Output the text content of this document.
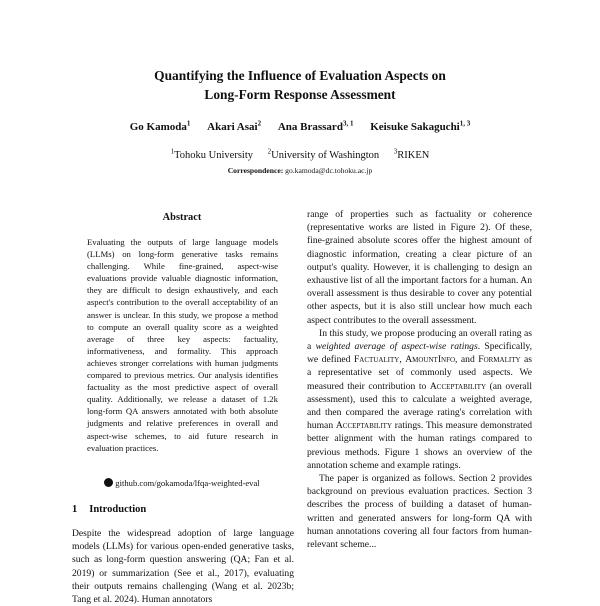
Quantifying the Influence of Evaluation Aspects on
Long-Form Response Assessment
Go Kamoda$^1$ Akari Asai$^2$ Ana Brassard$^{3, 1}$ Keisuke Sakaguchi$^{1, 3}$
$^1$Tohoku University $^2$University of Washington $^3$RIKEN
Correspondence: go.kamoda@dc.tohoku.ac.jp
Abstract
Evaluating the outputs of large language models (LLMs) on long-form generative tasks remains challenging. While fine-grained, aspect-wise evaluations provide valuable diagnostic information, they are difficult to design exhaustively, and each aspect's contribution to the overall acceptability of an answer is unclear. In this study, we propose a method to compute an overall quality score as a weighted average of three key aspects: factuality, informativeness, and formality. This approach achieves stronger correlations with human judgments compared to previous metrics. Our analysis identifies factuality as the most predictive aspect of overall quality. Additionally, we release a dataset of 1.2k long-form QA answers annotated with both absolute judgments and relative preferences in overall and aspect-wise schemes, to aid future research in evaluation practices.
github.com/gokamoda/lfqa-weighted-eval
1 Introduction
Despite the widespread adoption of large language models (LLMs) for various open-ended generative tasks, such as long-form question answering (QA; Fan et al. 2019) or summarization (See et al., 2017), evaluating their outputs remains challenging (Wang et al. 2023b; Tang et al. 2024). Human annotators

range of properties such as factuality or coherence (representative works are listed in Figure 2). Of these, fine-grained absolute scores offer the highest amount of diagnostic information, creating a clear picture of an output's quality. However, it is challenging to design an exhaustive list of all the important factors for a human. An overall assessment is thus desirable to cover any potential other aspects, but it is also still unclear how much each aspect contributes to the overall assessment.

In this study, we propose producing an overall rating as a weighted average of aspect-wise ratings. Specifically, we defined Factuality, AmountInfo, and Formality as a representative set of commonly used aspects. We measured their contribution to Acceptability (an overall assessment), used this to calculate a weighted average, and then compared the average rating's correlation with human Acceptability ratings. This measure demonstrated better alignment with the human ratings compared to previous methods. Figure 1 shows an overview of the annotation scheme and example ratings.

The paper is organized as follows. Section 2 provides background on previous evaluation practices. Section 3 describes the process of building a dataset of human-written and generated answers for long-form QA with human annotations covering all four factors from human-relevant scheme...
